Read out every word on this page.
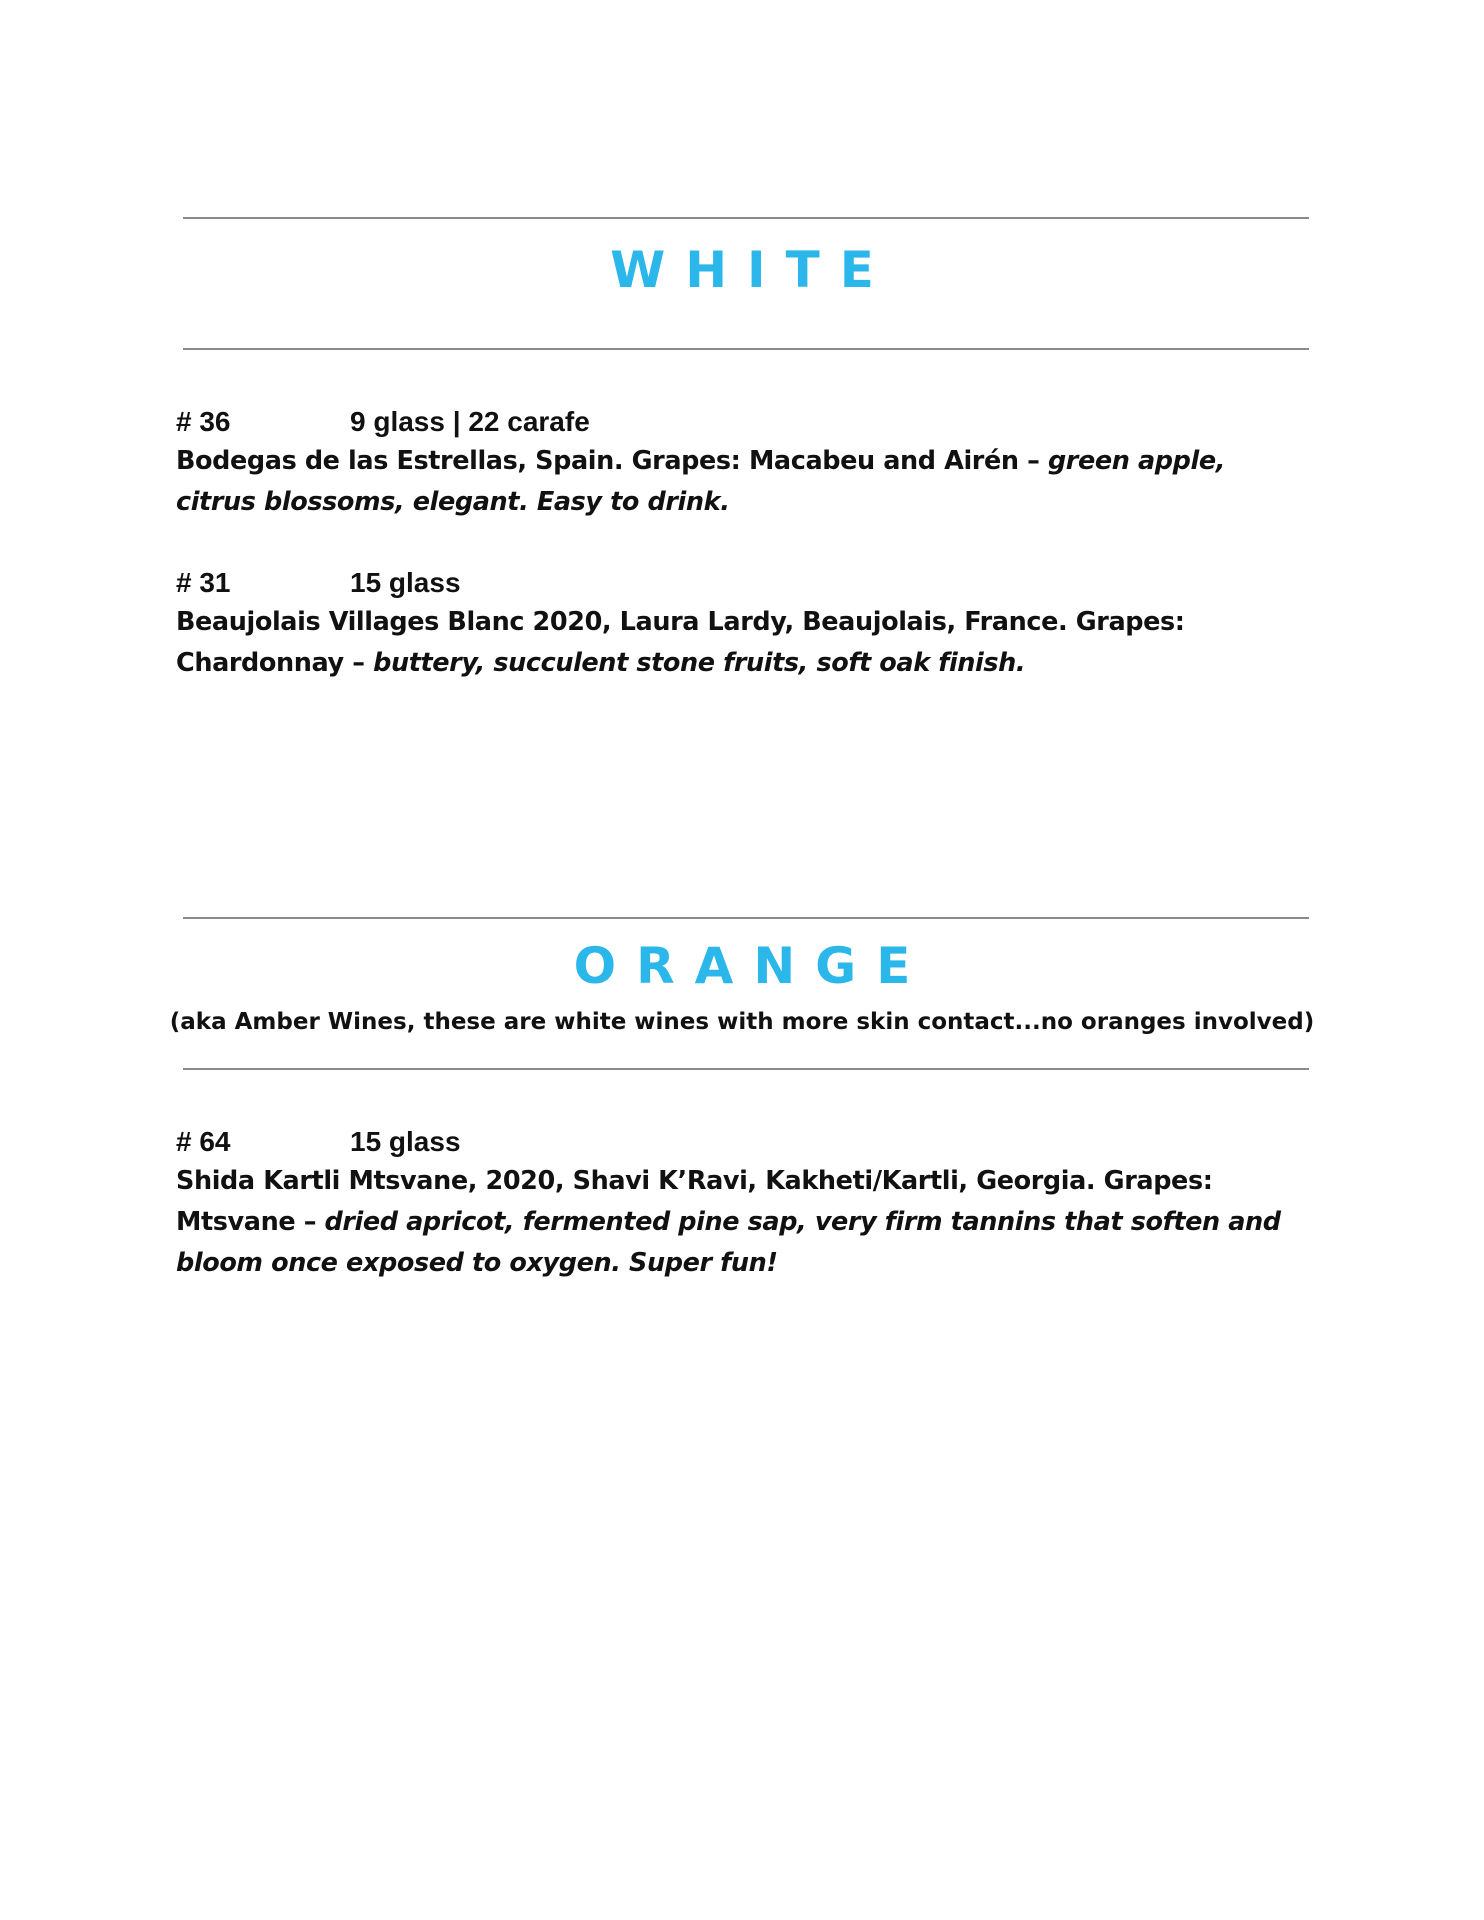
WHITE
# 36	9 glass | 22 carafe

Bodegas de las Estrellas, Spain. Grapes: Macabeu and Airén – green apple, citrus blossoms, elegant. Easy to drink.

# 31	15 glass

Beaujolais Villages Blanc 2020, Laura Lardy, Beaujolais, France. Grapes: Chardonnay – buttery, succulent stone fruits, soft oak finish.

ORANGE
(aka Amber Wines, these are white wines with more skin contact...no oranges involved)
# 64	15 glass

Shida Kartli Mtsvane, 2020, Shavi K’Ravi, Kakheti/Kartli, Georgia. Grapes: Mtsvane – dried apricot, fermented pine sap, very firm tannins that soften and bloom once exposed to oxygen. Super fun!
